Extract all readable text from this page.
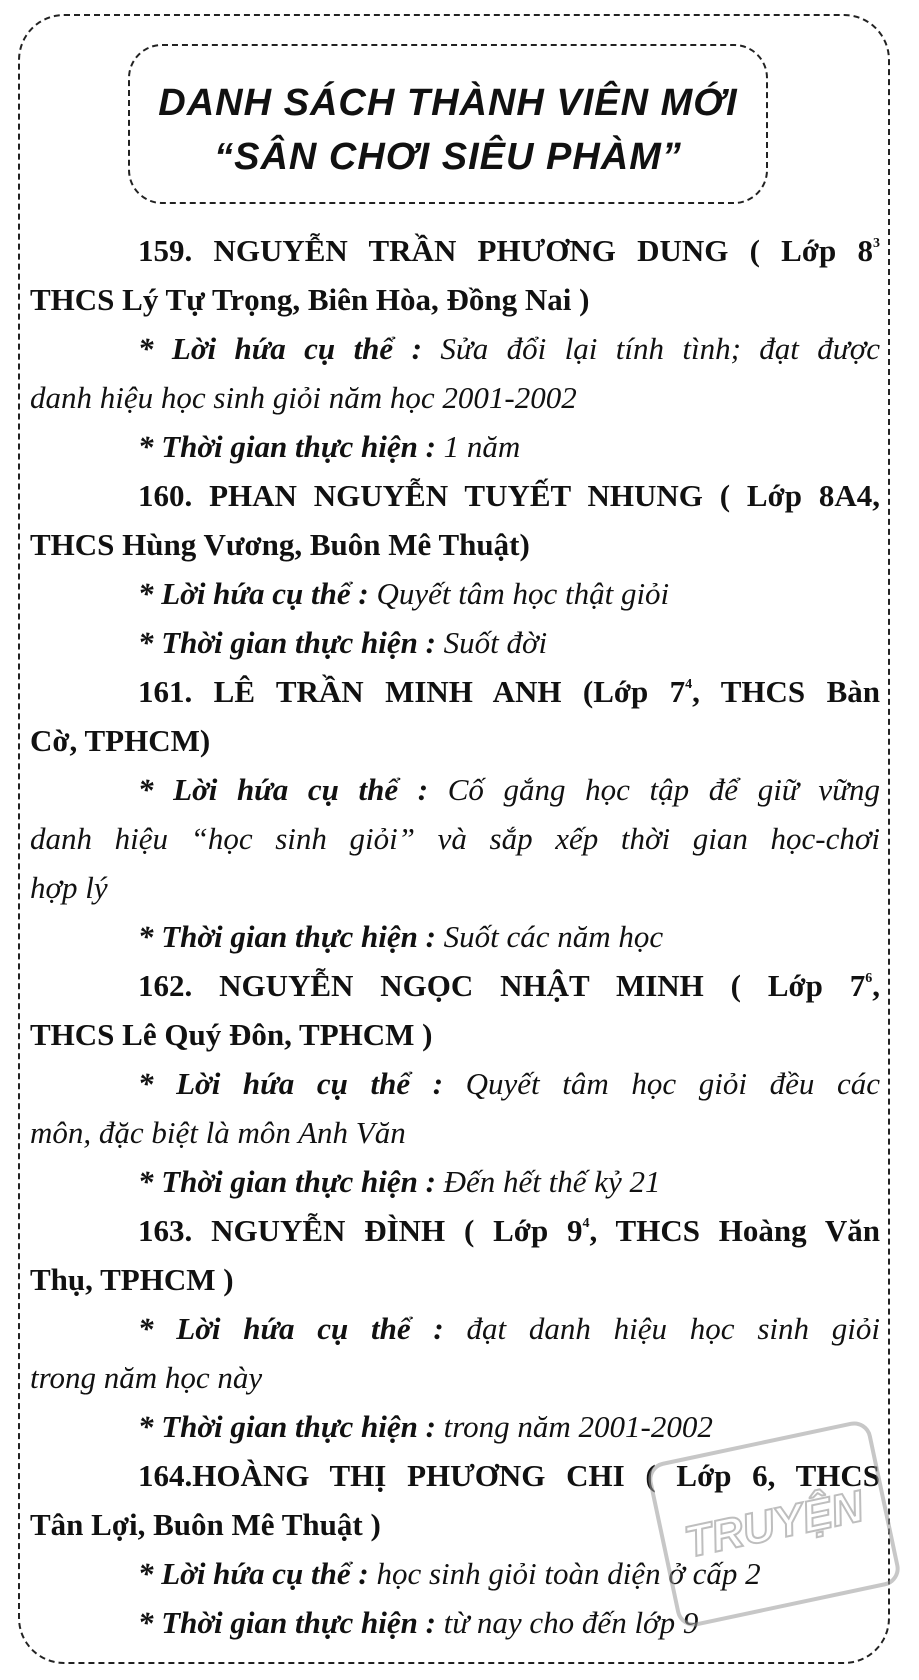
DANH SÁCH THÀNH VIÊN MỚI

“SÂN CHƠI SIÊU PHÀM”

159. NGUYỄN TRẦN PHƯƠNG DUNG ( Lớp $8^3$
THCS Lý Tự Trọng, Biên Hòa, Đồng Nai )
* Lời hứa cụ thể : Sửa đổi lại tính tình; đạt được
danh hiệu học sinh giỏi năm học 2001-2002
* Thời gian thực hiện : 1 năm
160. PHAN NGUYỄN TUYẾT NHUNG ( Lớp 8A4,
THCS Hùng Vương, Buôn Mê Thuật)
* Lời hứa cụ thể : Quyết tâm học thật giỏi
* Thời gian thực hiện : Suốt đời
161. LÊ TRẦN MINH ANH (Lớp $7^4$, THCS Bàn
Cờ, TPHCM)
* Lời hứa cụ thể : Cố gắng học tập để giữ vững
danh hiệu “học sinh giỏi” và sắp xếp thời gian học-chơi
hợp lý
* Thời gian thực hiện : Suốt các năm học
162. NGUYỄN NGỌC NHẬT MINH ( Lớp $7^6$,
THCS Lê Quý Đôn, TPHCM )
* Lời hứa cụ thể : Quyết tâm học giỏi đều các
môn, đặc biệt là môn Anh Văn
* Thời gian thực hiện : Đến hết thế kỷ 21
163. NGUYỄN ĐÌNH ( Lớp $9^4$, THCS Hoàng Văn
Thụ, TPHCM )
* Lời hứa cụ thể : đạt danh hiệu học sinh giỏi
trong năm học này
* Thời gian thực hiện : trong năm 2001-2002
164.HOÀNG THỊ PHƯƠNG CHI ( Lớp 6, THCS
Tân Lợi, Buôn Mê Thuật )
* Lời hứa cụ thể : học sinh giỏi toàn diện ở cấp 2
* Thời gian thực hiện : từ nay cho đến lớp 9
TRUYỆN
